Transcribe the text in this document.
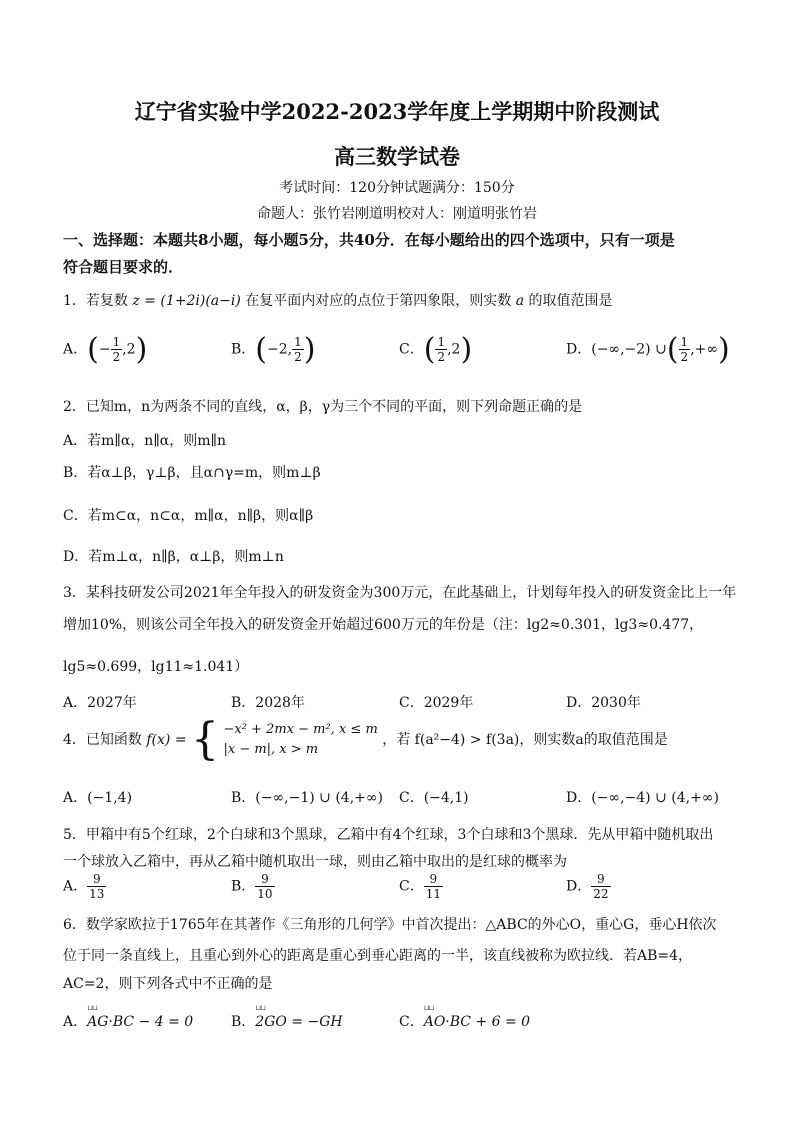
辽宁省实验中学2022-2023学年度上学期期中阶段测试
高三数学试卷
考试时间：120分钟试题满分：150分
命题人：张竹岩刚道明校对人：刚道明张竹岩
一、选择题：本题共8小题，每小题5分，共40分．在每小题给出的四个选项中，只有一项是
符合题目要求的．
1．若复数 z = (1+2i)(a−i) 在复平面内对应的点位于第四象限，则实数 a 的取值范围是
A．(− $\frac{1}{2} ,2$)	B．(−2, $\frac{1}{2}$ )	C．( $\frac{1}{2} ,2$)	D．(−∞,−2) ∪( $\frac{1}{2}$ ,+∞)
2．已知m，n为两条不同的直线，α，β，γ为三个不同的平面，则下列命题正确的是
A．若m∥α，n∥α，则m∥n
B．若α⊥β，γ⊥β，且α∩γ=m，则m⊥β
C．若m⊂α，n⊂α，m∥α，n∥β，则α∥β
D．若m⊥α，n∥β，α⊥β，则m⊥n
3．某科技研发公司2021年全年投入的研发资金为300万元，在此基础上，计划每年投入的研发资金比上一年
增加10%，则该公司全年投入的研发资金开始超过600万元的年份是（注：lg2≈0.301，lg3≈0.477，
lg5≈0.699，lg11≈1.041）
A．2027年	B．2028年	C．2029年	D．2030年
4．已知函数 f(x) = { −x² + 2mx − m², x ≤ m
|x − m|, x > m
，若 f(a²−4) > f(3a)，则实数a的取值范围是
A．(−1,4)	B．(−∞,−1) ∪ (4,+∞) C．(−4,1)	D．(−∞,−4) ∪ (4,+∞)
5．甲箱中有5个红球，2个白球和3个黑球，乙箱中有4个红球，3个白球和3个黑球．先从甲箱中随机取出
一个球放入乙箱中，再从乙箱中随机取出一球，则由乙箱中取出的是红球的概率为
A． $\frac{9}{13}$	B． $\frac{9}{10}$	C． $\frac{9}{11}$	D． $\frac{9}{22}$
6．数学家欧拉于1765年在其著作《三角形的几何学》中首次提出：△ABC的外心O，重心G，垂心H依次
位于同一条直线上，且重心到外心的距离是重心到垂心距离的一半，该直线被称为欧拉线．若AB=4，
AC=2，则下列各式中不正确的是
A．⊔⊔ AG·BC − 4 = 0	B．⊔⊔ 2GO = −GH	C．⊔⊔ AO·BC + 6 = 0
